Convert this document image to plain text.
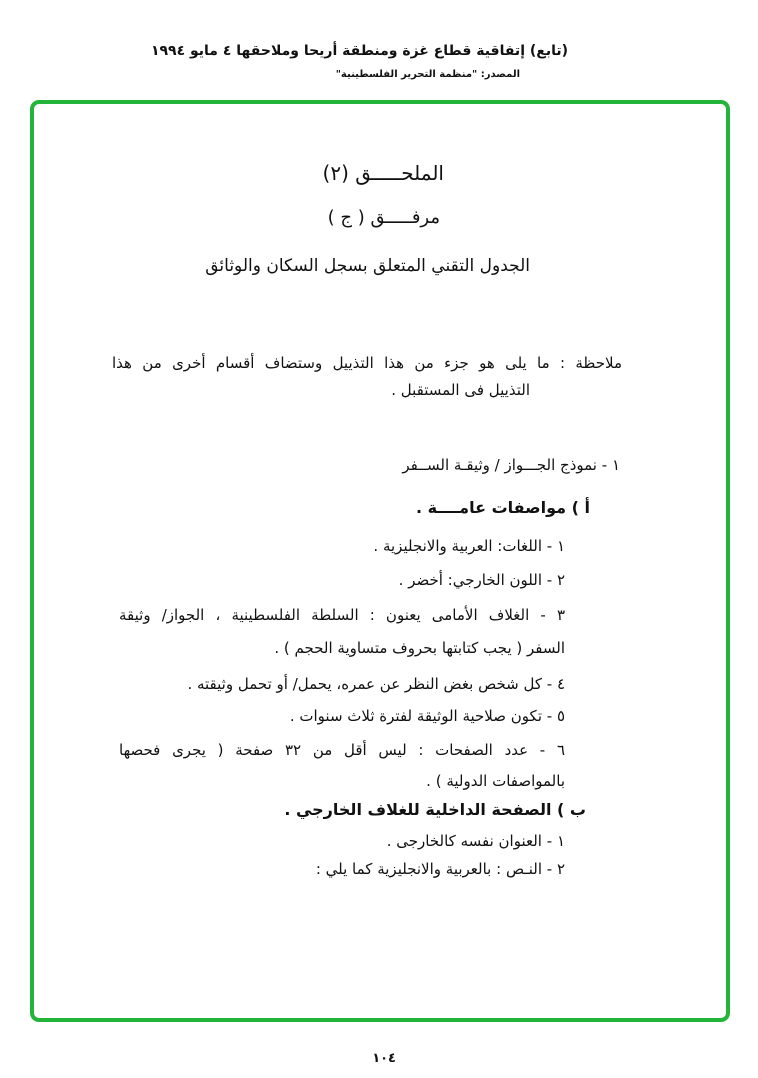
(تابع) إتفاقية قطاع غزة ومنطقة أريحا وملاحقها ٤ مايو ١٩٩٤
المصدر: "منظمة التحرير الفلسطينية"
الملحـــــق (٢)
مرفـــــق ( ج )
الجدول التقني المتعلق بسجل السكان والوثائق
ملاحظة : ما يلى هو جزء من هذا التذييل وستضاف أقسام أخرى من هذا
التذييل فى المستقبل .
١ - نموذج الجـــواز / وثيقـة الســفر
أ ) مواصفات عامــــة .
١ - اللغات: العربية والانجليزية .
٢ - اللون الخارجي: أخضر .
٣ - الغلاف الأمامى يعنون : السلطة الفلسطينية ، الجواز/ وثيقة
السفر ( يجب كتابتها بحروف متساوية الحجم ) .
٤ - كل شخص بغض النظر عن عمره، يحمل/ أو تحمل وثيقته .
٥ - تكون صلاحية الوثيقة لفترة ثلاث سنوات .
٦ - عدد الصفحات : ليس أقل من ٣٢ صفحة ( يجرى فحصها
بالمواصفات الدولية ) .
ب ) الصفحة الداخلية للغلاف الخارجي .
١ - العنوان نفسه كالخارجى .
٢ - النـص : بالعربية والانجليزية كما يلي :
١٠٤
